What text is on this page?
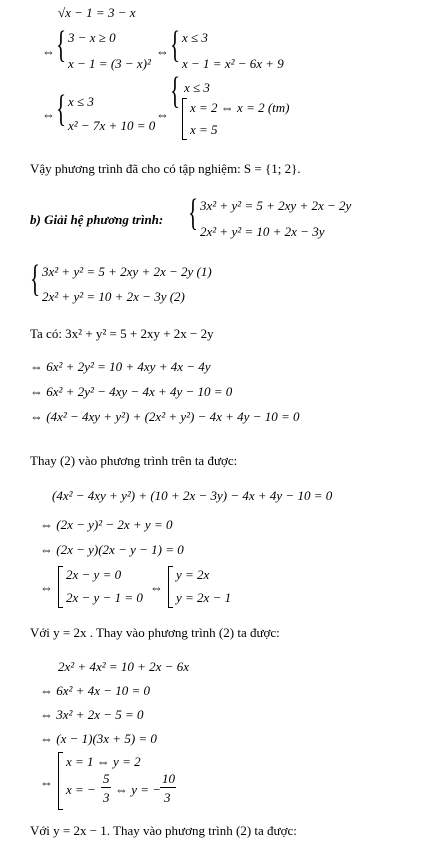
√x − 1 = 3 − x
⇔ { 3 − x ≥ 0
x − 1 = (3 − x)²
⇔ { x ≤ 3
x − 1 = x² − 6x + 9
⇔ { x ≤ 3
x² − 7x + 10 = 0
⇔
{ x ≤ 3
x = 2 ⇔ x = 2 (tm)
x = 5
Vậy phương trình đã cho có tập nghiệm: S = {1; 2}.
b) Giải hệ phương trình: { 3x² + y² = 5 + 2xy + 2x − 2y
2x² + y² = 10 + 2x − 3y
{ 3x² + y² = 5 + 2xy + 2x − 2y (1)
2x² + y² = 10 + 2x − 3y (2)
Ta có: 3x² + y² = 5 + 2xy + 2x − 2y
⇔ 6x² + 2y² = 10 + 4xy + 4x − 4y
⇔ 6x² + 2y² − 4xy − 4x + 4y − 10 = 0
⇔ (4x² − 4xy + y²) + (2x² + y²) − 4x + 4y − 10 = 0
Thay (2) vào phương trình trên ta được:
(4x² − 4xy + y²) + (10 + 2x − 3y) − 4x + 4y − 10 = 0
⇔ (2x − y)² − 2x + y = 0
⇔ (2x − y)(2x − y − 1) = 0
⇔
2x − y = 0
2x − y − 1 = 0
⇔
y = 2x
y = 2x − 1
Với y = 2x . Thay vào phương trình (2) ta được:
2x² + 4x² = 10 + 2x − 6x
⇔ 6x² + 4x − 10 = 0
⇔ 3x² + 2x − 5 = 0
⇔ (x − 1)(3x + 5) = 0
⇔
x = 1 ⇔ y = 2
x = −
5
3
⇔ y = −
10
3
Với y = 2x − 1. Thay vào phương trình (2) ta được:
